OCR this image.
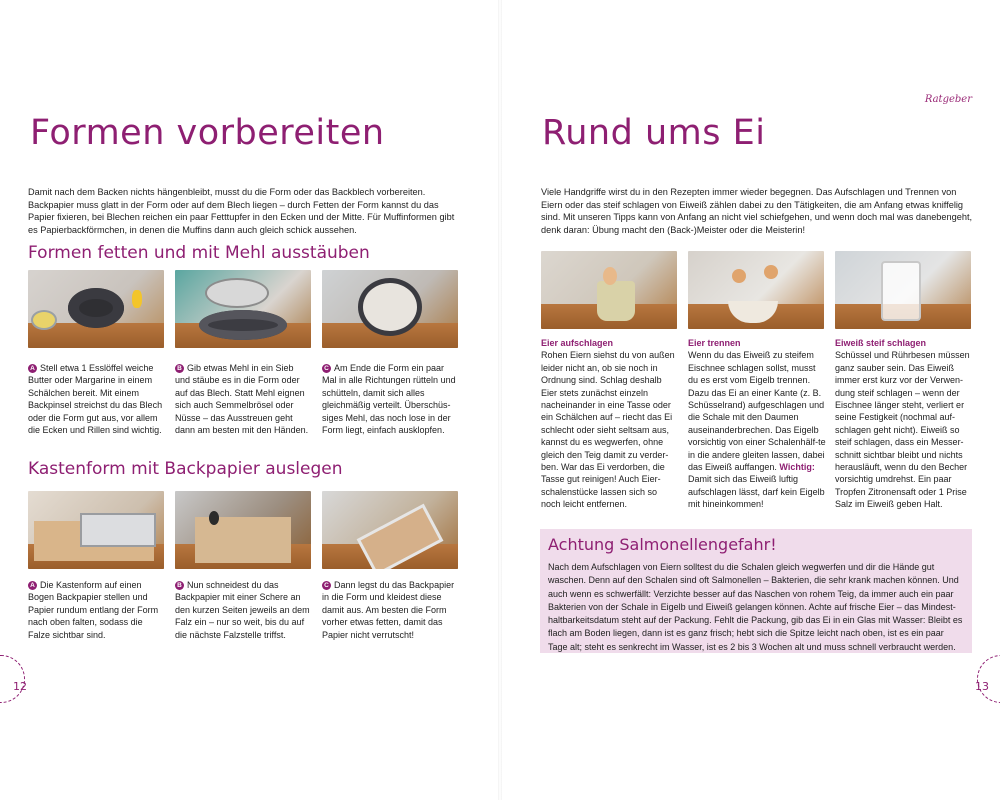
Ratgeber
Formen vorbereiten

Damit nach dem Backen nichts hängenbleibt, musst du die Form oder das Backblech vorbereiten. Backpapier muss glatt in der Form oder auf dem Blech liegen – durch Fetten der Form kannst du das Papier fixieren, bei Blechen reichen ein paar Fetttupfer in den Ecken und der Mitte. Für Muffinformen gibt es Papierbackförmchen, in denen die Muffins dann auch gleich schick aussehen.

Formen fetten und mit Mehl ausstäuben
A Stell etwa 1 Esslöffel weiche Butter oder Margarine in einem Schälchen bereit. Mit einem Backpinsel streichst du das Blech oder die Form gut aus, vor allem die Ecken und Rillen sind wichtig.
B Gib etwas Mehl in ein Sieb und stäube es in die Form oder auf das Blech. Statt Mehl eignen sich auch Semmelbrösel oder Nüsse – das Ausstreuen geht dann am besten mit den Händen.
C Am Ende die Form ein paar Mal in alle Richtungen rütteln und schütteln, damit sich alles gleichmäßig verteilt. Überschüs-siges Mehl, das noch lose in der Form liegt, einfach ausklopfen.
Kastenform mit Backpapier auslegen
A Die Kastenform auf einen Bogen Backpapier stellen und Papier rundum entlang der Form nach oben falten, sodass die Falze sichtbar sind.
B Nun schneidest du das Backpapier mit einer Schere an den kurzen Seiten jeweils an dem Falz ein – nur so weit, bis du auf die nächste Falzstelle triffst.
C Dann legst du das Backpapier in die Form und kleidest diese damit aus. Am besten die Form vorher etwas fetten, damit das Papier nicht verrutscht!
12
Rund ums Ei

Viele Handgriffe wirst du in den Rezepten immer wieder begegnen. Das Aufschlagen und Trennen von Eiern oder das steif schlagen von Eiweiß zählen dabei zu den Tätigkeiten, die am Anfang etwas kniffelig sind. Mit unseren Tipps kann von Anfang an nicht viel schiefgehen, und wenn doch mal was danebengeht, denk daran: Übung macht den (Back-)Meister oder die Meisterin!

Eier aufschlagen
Rohen Eiern siehst du von außen leider nicht an, ob sie noch in Ordnung sind. Schlag deshalb Eier stets zunächst einzeln nacheinander in eine Tasse oder ein Schälchen auf – riecht das Ei schlecht oder sieht seltsam aus, kannst du es wegwerfen, ohne gleich den Teig damit zu verder-ben. War das Ei verdorben, die Tasse gut reinigen! Auch Eier-schalenstücke lassen sich so noch leicht entfernen.
Eier trennen
Wenn du das Eiweiß zu steifem Eischnee schlagen sollst, musst du es erst vom Eigelb trennen. Dazu das Ei an einer Kante (z. B. Schüsselrand) aufgeschlagen und die Schale mit den Daumen auseinanderbrechen. Das Eigelb vorsichtig von einer Schalenhälf-te in die andere gleiten lassen, dabei das Eiweiß auffangen. Wichtig: Damit sich das Eiweiß luftig aufschlagen lässt, darf kein Eigelb mit hineinkommen!
Eiweiß steif schlagen
Schüssel und Rührbesen müssen ganz sauber sein. Das Eiweiß immer erst kurz vor der Verwen-dung steif schlagen – wenn der Eischnee länger steht, verliert er seine Festigkeit (nochmal auf-schlagen geht nicht). Eiweiß so steif schlagen, dass ein Messer-schnitt sichtbar bleibt und nichts herausläuft, wenn du den Becher vorsichtig umdrehst. Ein paar Tropfen Zitronensaft oder 1 Prise Salz im Eiweiß geben Halt.
Achtung Salmonellengefahr!

Nach dem Aufschlagen von Eiern solltest du die Schalen gleich wegwerfen und dir die Hände gut waschen. Denn auf den Schalen sind oft Salmonellen – Bakterien, die sehr krank machen können. Und auch wenn es schwerfällt: Verzichte besser auf das Naschen von rohem Teig, da immer auch ein paar Bakterien von der Schale in Eigelb und Eiweiß gelangen können. Achte auf frische Eier – das Mindest-haltbarkeitsdatum steht auf der Packung. Fehlt die Packung, gib das Ei in ein Glas mit Wasser: Bleibt es flach am Boden liegen, dann ist es ganz frisch; hebt sich die Spitze leicht nach oben, ist es ein paar Tage alt; steht es senkrecht im Wasser, ist es 2 bis 3 Wochen alt und muss schnell verbraucht werden.

13
